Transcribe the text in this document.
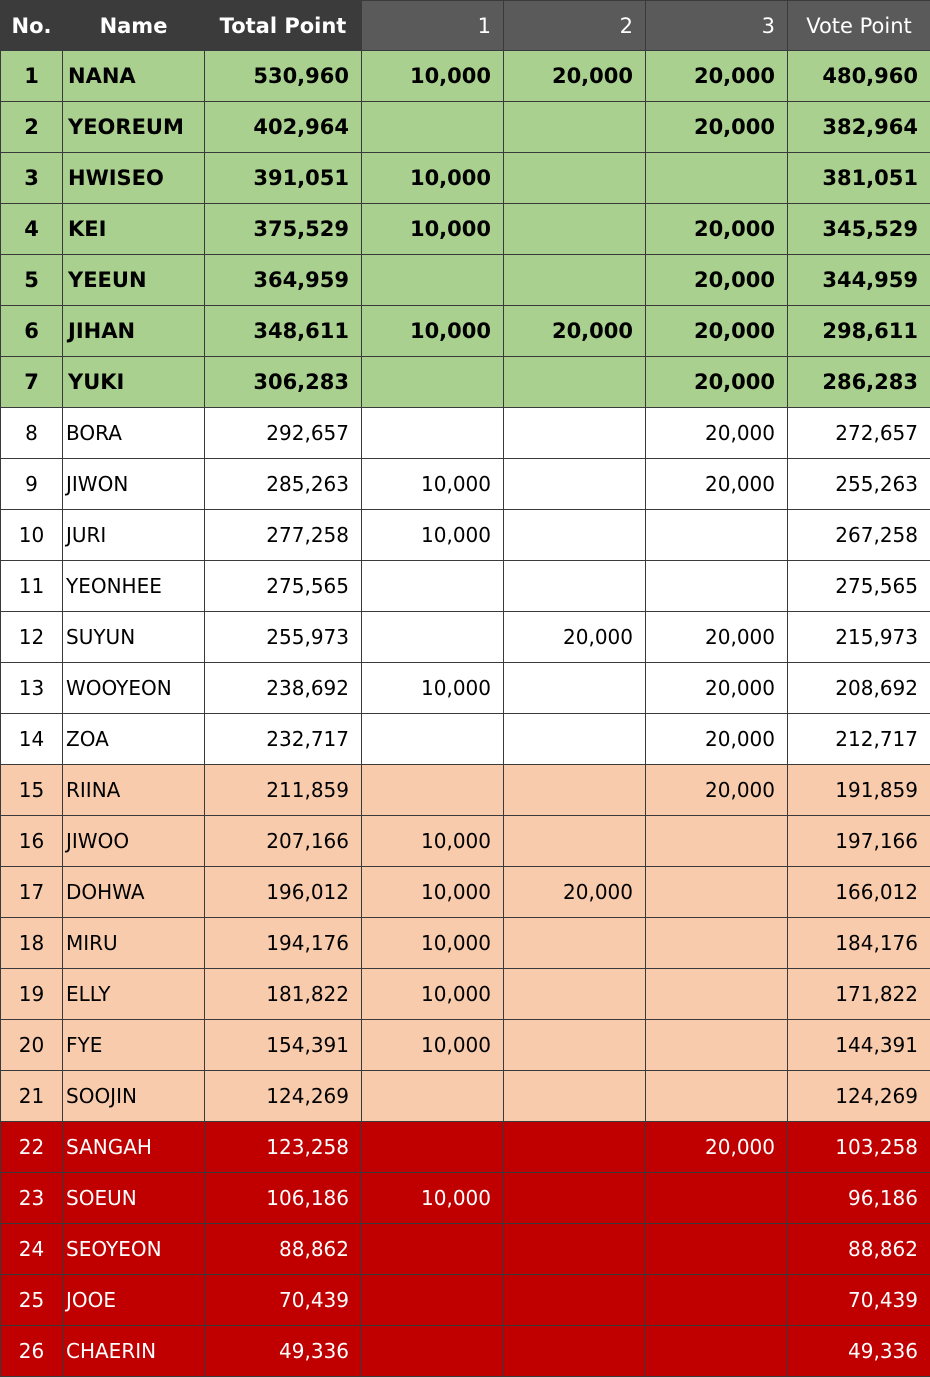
No.	Name	Total Point	1	2	3	Vote Point
1	NANA	530,960	10,000	20,000	20,000	480,960
2	YEOREUM	402,964			20,000	382,964
3	HWISEO	391,051	10,000			381,051
4	KEI	375,529	10,000		20,000	345,529
5	YEEUN	364,959			20,000	344,959
6	JIHAN	348,611	10,000	20,000	20,000	298,611
7	YUKI	306,283			20,000	286,283
8	BORA	292,657			20,000	272,657
9	JIWON	285,263	10,000		20,000	255,263
10	JURI	277,258	10,000			267,258
11	YEONHEE	275,565				275,565
12	SUYUN	255,973		20,000	20,000	215,973
13	WOOYEON	238,692	10,000		20,000	208,692
14	ZOA	232,717			20,000	212,717
15	RIINA	211,859			20,000	191,859
16	JIWOO	207,166	10,000			197,166
17	DOHWA	196,012	10,000	20,000		166,012
18	MIRU	194,176	10,000			184,176
19	ELLY	181,822	10,000			171,822
20	FYE	154,391	10,000			144,391
21	SOOJIN	124,269				124,269
22	SANGAH	123,258			20,000	103,258
23	SOEUN	106,186	10,000			96,186
24	SEOYEON	88,862				88,862
25	JOOE	70,439				70,439
26	CHAERIN	49,336				49,336
